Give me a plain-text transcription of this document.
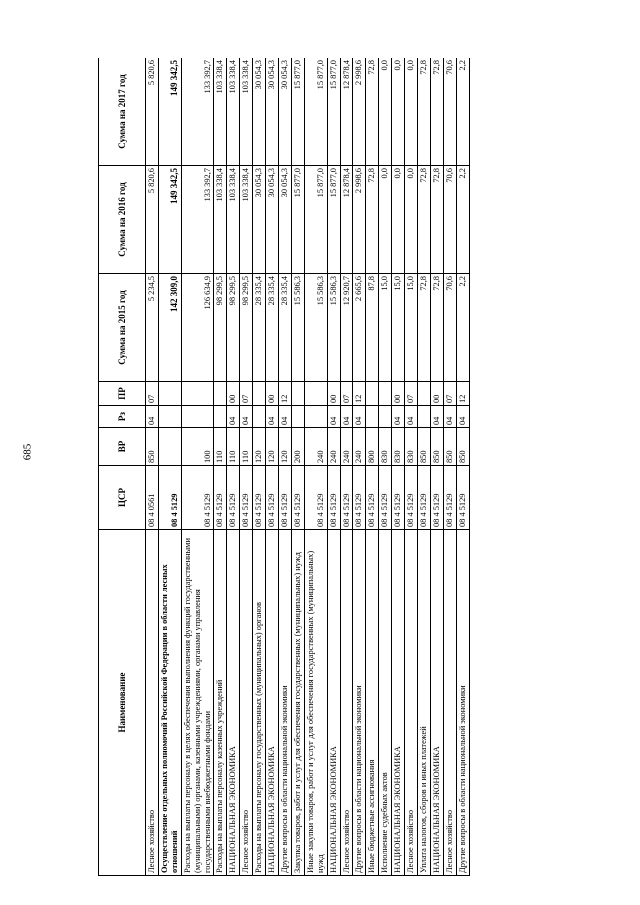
685
Наименование	ЦСР	ВР	Рз	ПР	Сумма на 2015 год	Сумма на 2016 год	Сумма на 2017 год
Лесное хозяйство	08 4 0561	850	04	07	5 234,5	5 820,6	5 820,6
Осуществление отдельных полномочий Российской Федерации в области лесных отношений	08 4 5129				142 309,0	149 342,5	149 342,5
Расходы на выплаты персоналу в целях обеспечения выполнения функций государственными (муниципальными) органами, казенными учреждениями, органами управления государственными внебюджетными фондами	08 4 5129	100			126 634,9	133 392,7	133 392,7
Расходы на выплаты персоналу казенных учреждений	08 4 5129	110			98 299,5	103 338,4	103 338,4
НАЦИОНАЛЬНАЯ ЭКОНОМИКА	08 4 5129	110	04	00	98 299,5	103 338,4	103 338,4
Лесное хозяйство	08 4 5129	110	04	07	98 299,5	103 338,4	103 338,4
Расходы на выплаты персоналу государственных (муниципальных) органов	08 4 5129	120			28 335,4	30 054,3	30 054,3
НАЦИОНАЛЬНАЯ ЭКОНОМИКА	08 4 5129	120	04	00	28 335,4	30 054,3	30 054,3
Другие вопросы в области национальной экономики	08 4 5129	120	04	12	28 335,4	30 054,3	30 054,3
Закупка товаров, работ и услуг для обеспечения государственных (муниципальных) нужд	08 4 5129	200			15 586,3	15 877,0	15 877,0
Иные закупки товаров, работ и услуг для обеспечения государственных (муниципальных) нужд	08 4 5129	240			15 586,3	15 877,0	15 877,0
НАЦИОНАЛЬНАЯ ЭКОНОМИКА	08 4 5129	240	04	00	15 586,3	15 877,0	15 877,0
Лесное хозяйство	08 4 5129	240	04	07	12 920,7	12 878,4	12 878,4
Другие вопросы в области национальной экономики	08 4 5129	240	04	12	2 665,6	2 998,6	2 998,6
Иные бюджетные ассигнования	08 4 5129	800			87,8	72,8	72,8
Исполнение судебных актов	08 4 5129	830			15,0	0,0	0,0
НАЦИОНАЛЬНАЯ ЭКОНОМИКА	08 4 5129	830	04	00	15,0	0,0	0,0
Лесное хозяйство	08 4 5129	830	04	07	15,0	0,0	0,0
Уплата налогов, сборов и иных платежей	08 4 5129	850			72,8	72,8	72,8
НАЦИОНАЛЬНАЯ ЭКОНОМИКА	08 4 5129	850	04	00	72,8	72,8	72,8
Лесное хозяйство	08 4 5129	850	04	07	70,6	70,6	70,6
Другие вопросы в области национальной экономики	08 4 5129	850	04	12	2,2	2,2	2,2
